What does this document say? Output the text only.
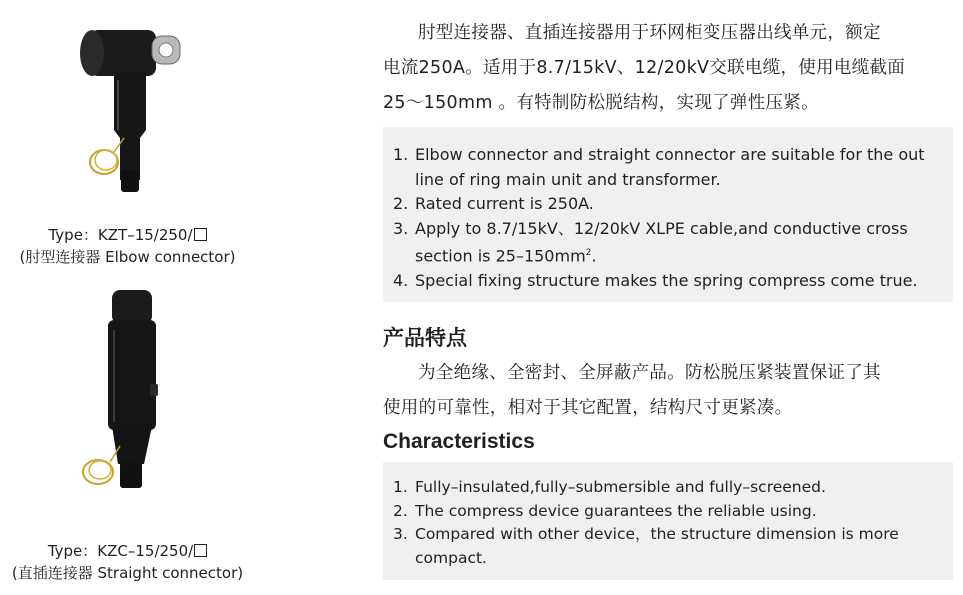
Type：KZT–15/250/
(肘型连接器 Elbow connector)
Type：KZC–15/250/
(直插连接器 Straight connector)
肘型连接器、直插连接器用于环网柜变压器出线单元，额定
电流250A。适用于8.7/15kV、12/20kV交联电缆，使用电缆截面
25～150mm 。有特制防松脱结构，实现了弹性压紧。
1. Elbow connector and straight connector are suitable for the out line of ring main unit and transformer.
2. Rated current is 250A.
3. Apply to 8.7/15kV、12/20kV XLPE cable,and conductive cross section is $25-150mm^2$.
4. Special fixing structure makes the spring compress come true.
产品特点
为全绝缘、全密封、全屏蔽产品。防松脱压紧装置保证了其
使用的可靠性，相对于其它配置，结构尺寸更紧凑。
Characteristics
1. Fully–insulated,fully–submersible and fully–screened.
2. The compress device guarantees the reliable using.
3. Compared with other device，the structure dimension is more compact.
